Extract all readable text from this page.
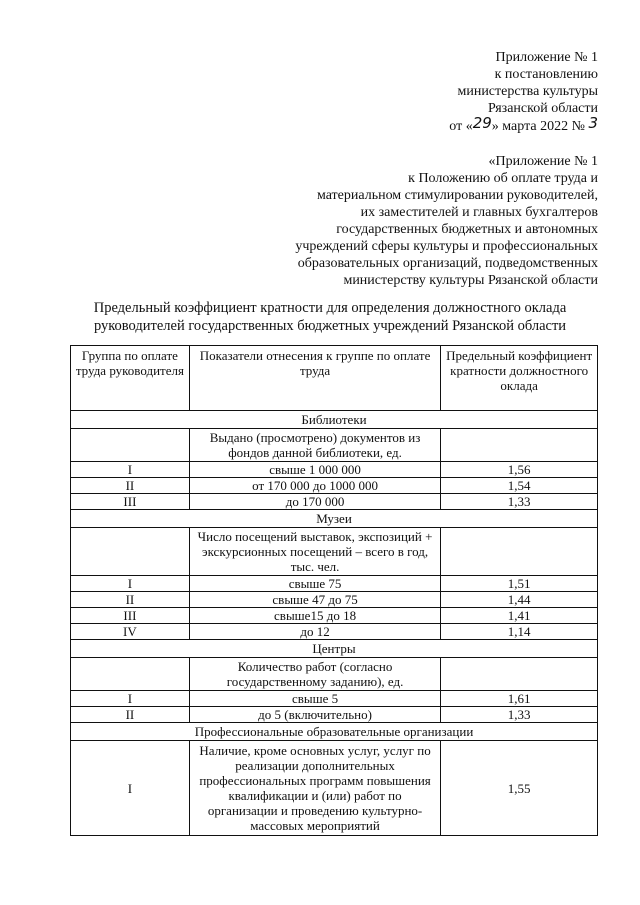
Приложение № 1
к постановлению
министерства культуры
Рязанской области
от «29» марта 2022 № 3
«Приложение № 1
к Положению об оплате труда и
материальном стимулировании руководителей,
их заместителей и главных бухгалтеров
государственных бюджетных и автономных
учреждений сферы культуры и профессиональных
образовательных организаций, подведомственных
министерству культуры Рязанской области
Предельный коэффициент кратности для определения должностного оклада
руководителей государственных бюджетных учреждений Рязанской области
Группа по оплате труда руководителя	Показатели отнесения к группе по оплате труда	Предельный коэффициент кратности должностного оклада
Библиотеки		
	Выдано (просмотрено) документов из фондов данной библиотеки, ед.	
I	свыше 1 000 000	1,56
II	от 170 000 до 1000 000	1,54
III	до 170 000	1,33
Музеи		
	Число посещений выставок, экспозиций + экскурсионных посещений – всего в год, тыс. чел.	
I	свыше 75	1,51
II	свыше 47 до 75	1,44
III	свыше15 до 18	1,41
IV	до 12	1,14
Центры		
	Количество работ (согласно государственному заданию), ед.	
I	свыше 5	1,61
II	до 5 (включительно)	1,33
Профессиональные образовательные организации		
I	Наличие, кроме основных услуг, услуг по реализации дополнительных профессиональных программ повышения квалификации и (или) работ по организации и проведению культурно-массовых мероприятий	1,55
